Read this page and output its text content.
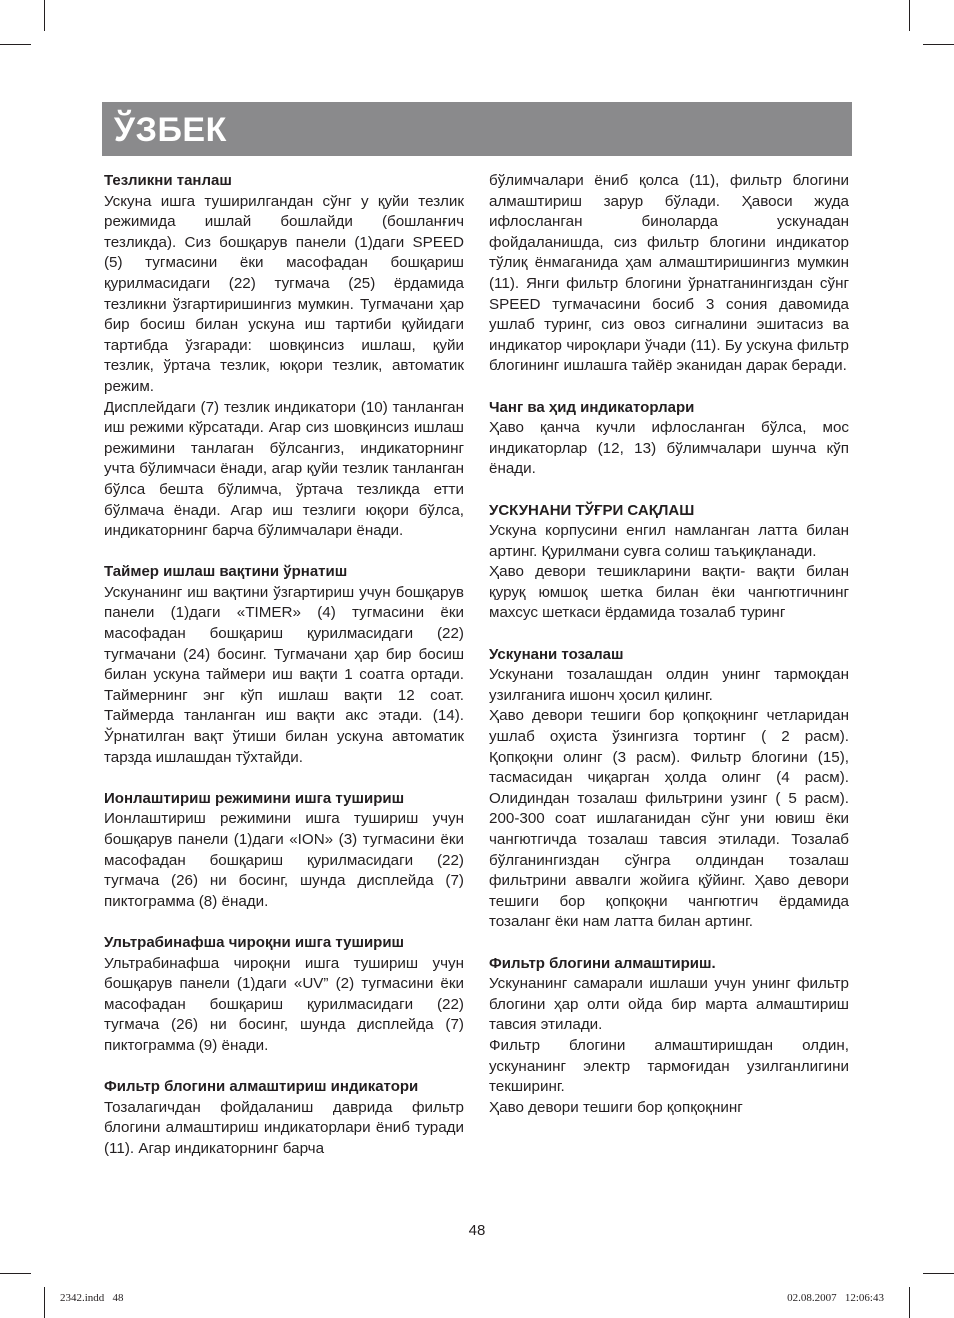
ЎЗБЕК
Тезликни танлаш

Ускуна ишга туширилгандан сўнг у қуйи тезлик режимида ишлай бошлайди (бошланғич тезликда). Сиз бошқарув панели (1)даги SPEED (5) тугмасини ёки масофадан бошқариш қурилмасидаги (22) тугмача (25) ёрдамида тезликни ўзгартиришингиз мумкин. Тугмачани ҳар бир босиш билан ускуна иш тартиби қуйидаги тартибда ўзгаради: шовқинсиз ишлаш, қуйи тезлик, ўртача тезлик, юқори тезлик, автоматик режим.

Дисплейдаги (7) тезлик индикатори (10) танланган иш режими кўрсатади. Агар сиз шовқинсиз ишлаш режимини танлаган бўлсангиз, индикаторнинг учта бўлимчаси ёнади, агар қуйи тезлик танланган бўлса бешта бўлимча, ўртача тезликда етти бўлмача ёнади. Агар иш тезлиги юқори бўлса, индикаторнинг барча бўлимчалари ёнади.

Таймер ишлаш вақтини ўрнатиш

Ускунанинг иш вақтини ўзгартириш учун бошқарув панели (1)даги «TIMER» (4) тугмасини ёки масофадан бошқариш қурилмасидаги (22) тугмачани (24) босинг. Тугмачани ҳар бир босиш билан ускуна таймери иш вақти 1 соатга ортади. Таймернинг энг кўп ишлаш вақти 12 соат. Таймерда танланган иш вақти акс этади. (14). Ўрнатилган вақт ўтиши билан ускуна автоматик тарзда ишлашдан тўхтайди.

Ионлаштириш режимини ишга тушириш

Ионлаштириш режимини ишга тушириш учун бошқарув панели (1)даги «ION» (3) тугмасини ёки масофадан бошқариш қурилмасидаги (22) тугмача (26) ни босинг, шунда дисплейда (7) пиктограмма (8) ёнади.

Ультрабинафша чироқни ишга тушириш

Ультрабинафша чироқни ишга тушириш учун бошқарув панели (1)даги «UV” (2) тугмасини ёки масофадан бошқариш қурилмасидаги (22) тугмача (26) ни босинг, шунда дисплейда (7) пиктограмма (9) ёнади.

Фильтр блогини алмаштириш индикатори

Тозалагичдан фойдаланиш даврида фильтр блогини алмаштириш индикаторлари ёниб туради (11). Агар индикаторнинг барча

бўлимчалари ёниб қолса (11), фильтр блогини алмаштириш зарур бўлади. Ҳавоси жуда ифлосланган биноларда ускунадан фойдаланишда, сиз фильтр блогини индикатор тўлиқ ёнмаганида ҳам алмаштиришингиз мумкин (11). Янги фильтр блогини ўрнатганингиздан сўнг SPEED тугмачасини босиб 3 сония давомида ушлаб туринг, сиз овоз сигналини эшитасиз ва индикатор чироқлари ўчади (11). Бу ускуна фильтр блогининг ишлашга тайёр эканидан дарак беради.

Чанг ва ҳид индикаторлари

Ҳаво қанча кучли ифлосланган бўлса, мос индикаторлар (12, 13) бўлимчалари шунча кўп ёнади.

УСКУНАНИ ТЎҒРИ САҚЛАШ

Ускуна корпусини енгил намланган латта билан артинг. Қурилмани сувга солиш таъқиқланади.

Ҳаво девори тешикларини вақти- вақти билан қуруқ юмшоқ шетка билан ёки чангютгичнинг махсус шеткаси ёрдамида тозалаб туринг

Ускунани тозалаш

Ускунани тозалашдан олдин унинг тармоқдан узилганига ишонч ҳосил қилинг.

Ҳаво девори тешиги бор қопқоқнинг четларидан ушлаб оҳиста ўзингизга тортинг ( 2 расм). Қопқоқни олинг (3 расм). Фильтр блогини (15), тасмасидан чиқарган ҳолда олинг (4 расм). Олидиндан тозалаш фильтрини узинг ( 5 расм). 200-300 соат ишлаганидан сўнг уни ювиш ёки чангютгичда тозалаш тавсия этилади. Тозалаб бўлганингиздан сўнгра олдиндан тозалаш фильтрини аввалги жойига қўйинг. Ҳаво девори тешиги бор қопқоқни чангютгич ёрдамида тозаланг ёки нам латта билан артинг.

Фильтр блогини алмаштириш.

Ускунанинг самарали ишлаши учун унинг фильтр блогини ҳар олти ойда бир марта алмаштириш тавсия этилади.

Фильтр блогини алмаштиришдан олдин, ускунанинг электр тармоғидан узилганлигини текширинг.

Ҳаво девори тешиги бор қопқоқнинг

48
2342.indd   48	02.08.2007   12:06:43
